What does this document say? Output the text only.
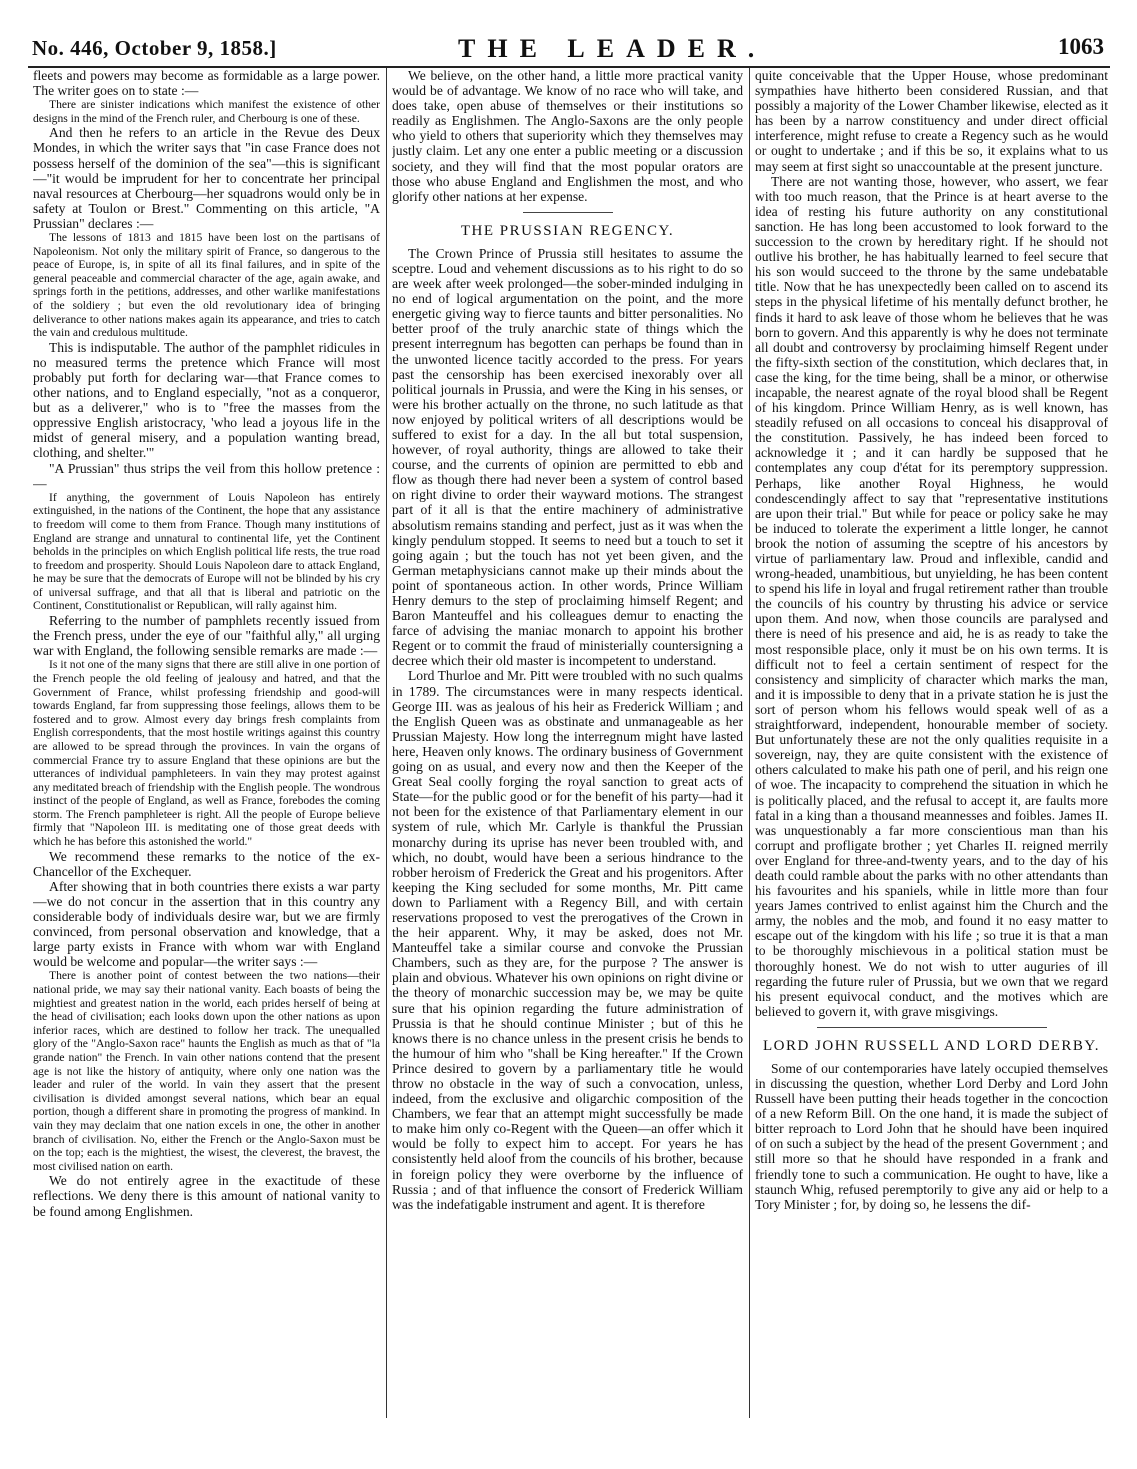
No. 446, October 9, 1858.]	THE LEADER.	1063

fleets and powers may become as formidable as a large power. The writer goes on to state :—

There are sinister indications which manifest the existence of other designs in the mind of the French ruler, and Cherbourg is one of these.

And then he refers to an article in the Revue des Deux Mondes, in which the writer says that "in case France does not possess herself of the dominion of the sea"—this is significant—"it would be imprudent for her to concentrate her principal naval resources at Cherbourg—her squadrons would only be in safety at Toulon or Brest." Commenting on this article, "A Prussian" declares :—

The lessons of 1813 and 1815 have been lost on the partisans of Napoleonism. Not only the military spirit of France, so dangerous to the peace of Europe, is, in spite of all its final failures, and in spite of the general peaceable and commercial character of the age, again awake, and springs forth in the petitions, addresses, and other warlike manifestations of the soldiery ; but even the old revolutionary idea of bringing deliverance to other nations makes again its appearance, and tries to catch the vain and credulous multitude.

This is indisputable. The author of the pamphlet ridicules in no measured terms the pretence which France will most probably put forth for declaring war—that France comes to other nations, and to England especially, "not as a conqueror, but as a deliverer," who is to "free the masses from the oppressive English aristocracy, 'who lead a joyous life in the midst of general misery, and a population wanting bread, clothing, and shelter.'"

"A Prussian" thus strips the veil from this hollow pretence :—

If anything, the government of Louis Napoleon has entirely extinguished, in the nations of the Continent, the hope that any assistance to freedom will come to them from France. Though many institutions of England are strange and unnatural to continental life, yet the Continent beholds in the principles on which English political life rests, the true road to freedom and prosperity. Should Louis Napoleon dare to attack England, he may be sure that the democrats of Europe will not be blinded by his cry of universal suffrage, and that all that is liberal and patriotic on the Continent, Constitutionalist or Republican, will rally against him.

Referring to the number of pamphlets recently issued from the French press, under the eye of our "faithful ally," all urging war with England, the following sensible remarks are made :—

Is it not one of the many signs that there are still alive in one portion of the French people the old feeling of jealousy and hatred, and that the Government of France, whilst professing friendship and good-will towards England, far from suppressing those feelings, allows them to be fostered and to grow. Almost every day brings fresh complaints from English correspondents, that the most hostile writings against this country are allowed to be spread through the provinces. In vain the organs of commercial France try to assure England that these opinions are but the utterances of individual pamphleteers. In vain they may protest against any meditated breach of friendship with the English people. The wondrous instinct of the people of England, as well as France, forebodes the coming storm. The French pamphleteer is right. All the people of Europe believe firmly that "Napoleon III. is meditating one of those great deeds with which he has before this astonished the world."

We recommend these remarks to the notice of the ex-Chancellor of the Exchequer.

After showing that in both countries there exists a war party—we do not concur in the assertion that in this country any considerable body of individuals desire war, but we are firmly convinced, from personal observation and knowledge, that a large party exists in France with whom war with England would be welcome and popular—the writer says :—

There is another point of contest between the two nations—their national pride, we may say their national vanity. Each boasts of being the mightiest and greatest nation in the world, each prides herself of being at the head of civilisation; each looks down upon the other nations as upon inferior races, which are destined to follow her track. The unequalled glory of the "Anglo-Saxon race" haunts the English as much as that of "la grande nation" the French. In vain other nations contend that the present age is not like the history of antiquity, where only one nation was the leader and ruler of the world. In vain they assert that the present civilisation is divided amongst several nations, which bear an equal portion, though a different share in promoting the progress of mankind. In vain they may declaim that one nation excels in one, the other in another branch of civilisation. No, either the French or the Anglo-Saxon must be on the top; each is the mightiest, the wisest, the cleverest, the bravest, the most civilised nation on earth.

We do not entirely agree in the exactitude of these reflections. We deny there is this amount of national vanity to be found among Englishmen.

We believe, on the other hand, a little more practical vanity would be of advantage. We know of no race who will take, and does take, open abuse of themselves or their institutions so readily as Englishmen. The Anglo-Saxons are the only people who yield to others that superiority which they themselves may justly claim. Let any one enter a public meeting or a discussion society, and they will find that the most popular orators are those who abuse England and Englishmen the most, and who glorify other nations at her expense.

THE PRUSSIAN REGENCY.

The Crown Prince of Prussia still hesitates to assume the sceptre. Loud and vehement discussions as to his right to do so are week after week prolonged—the sober-minded indulging in no end of logical argumentation on the point, and the more energetic giving way to fierce taunts and bitter personalities. No better proof of the truly anarchic state of things which the present interregnum has begotten can perhaps be found than in the unwonted licence tacitly accorded to the press. For years past the censorship has been exercised inexorably over all political journals in Prussia, and were the King in his senses, or were his brother actually on the throne, no such latitude as that now enjoyed by political writers of all descriptions would be suffered to exist for a day. In the all but total suspension, however, of royal authority, things are allowed to take their course, and the currents of opinion are permitted to ebb and flow as though there had never been a system of control based on right divine to order their wayward motions. The strangest part of it all is that the entire machinery of administrative absolutism remains standing and perfect, just as it was when the kingly pendulum stopped. It seems to need but a touch to set it going again ; but the touch has not yet been given, and the German metaphysicians cannot make up their minds about the point of spontaneous action. In other words, Prince William Henry demurs to the step of proclaiming himself Regent; and Baron Manteuffel and his colleagues demur to enacting the farce of advising the maniac monarch to appoint his brother Regent or to commit the fraud of ministerially countersigning a decree which their old master is incompetent to understand.

Lord Thurloe and Mr. Pitt were troubled with no such qualms in 1789. The circumstances were in many respects identical. George III. was as jealous of his heir as Frederick William ; and the English Queen was as obstinate and unmanageable as her Prussian Majesty. How long the interregnum might have lasted here, Heaven only knows. The ordinary business of Government going on as usual, and every now and then the Keeper of the Great Seal coolly forging the royal sanction to great acts of State—for the public good or for the benefit of his party—had it not been for the existence of that Parliamentary element in our system of rule, which Mr. Carlyle is thankful the Prussian monarchy during its uprise has never been troubled with, and which, no doubt, would have been a serious hindrance to the robber heroism of Frederick the Great and his progenitors. After keeping the King secluded for some months, Mr. Pitt came down to Parliament with a Regency Bill, and with certain reservations proposed to vest the prerogatives of the Crown in the heir apparent. Why, it may be asked, does not Mr. Manteuffel take a similar course and convoke the Prussian Chambers, such as they are, for the purpose ? The answer is plain and obvious. Whatever his own opinions on right divine or the theory of monarchic succession may be, we may be quite sure that his opinion regarding the future administration of Prussia is that he should continue Minister ; but of this he knows there is no chance unless in the present crisis he bends to the humour of him who "shall be King hereafter." If the Crown Prince desired to govern by a parliamentary title he would throw no obstacle in the way of such a convocation, unless, indeed, from the exclusive and oligarchic composition of the Chambers, we fear that an attempt might successfully be made to make him only co-Regent with the Queen—an offer which it would be folly to expect him to accept. For years he has consistently held aloof from the councils of his brother, because in foreign policy they were overborne by the influence of Russia ; and of that influence the consort of Frederick William was the indefatigable instrument and agent. It is therefore

quite conceivable that the Upper House, whose predominant sympathies have hitherto been considered Russian, and that possibly a majority of the Lower Chamber likewise, elected as it has been by a narrow constituency and under direct official interference, might refuse to create a Regency such as he would or ought to undertake ; and if this be so, it explains what to us may seem at first sight so unaccountable at the present juncture.

There are not wanting those, however, who assert, we fear with too much reason, that the Prince is at heart averse to the idea of resting his future authority on any constitutional sanction. He has long been accustomed to look forward to the succession to the crown by hereditary right. If he should not outlive his brother, he has habitually learned to feel secure that his son would succeed to the throne by the same undebatable title. Now that he has unexpectedly been called on to ascend its steps in the physical lifetime of his mentally defunct brother, he finds it hard to ask leave of those whom he believes that he was born to govern. And this apparently is why he does not terminate all doubt and controversy by proclaiming himself Regent under the fifty-sixth section of the constitution, which declares that, in case the king, for the time being, shall be a minor, or otherwise incapable, the nearest agnate of the royal blood shall be Regent of his kingdom. Prince William Henry, as is well known, has steadily refused on all occasions to conceal his disapproval of the constitution. Passively, he has indeed been forced to acknowledge it ; and it can hardly be supposed that he contemplates any coup d'état for its peremptory suppression. Perhaps, like another Royal Highness, he would condescendingly affect to say that "representative institutions are upon their trial." But while for peace or policy sake he may be induced to tolerate the experiment a little longer, he cannot brook the notion of assuming the sceptre of his ancestors by virtue of parliamentary law. Proud and inflexible, candid and wrong-headed, unambitious, but unyielding, he has been content to spend his life in loyal and frugal retirement rather than trouble the councils of his country by thrusting his advice or service upon them. And now, when those councils are paralysed and there is need of his presence and aid, he is as ready to take the most responsible place, only it must be on his own terms. It is difficult not to feel a certain sentiment of respect for the consistency and simplicity of character which marks the man, and it is impossible to deny that in a private station he is just the sort of person whom his fellows would speak well of as a straightforward, independent, honourable member of society. But unfortunately these are not the only qualities requisite in a sovereign, nay, they are quite consistent with the existence of others calculated to make his path one of peril, and his reign one of woe. The incapacity to comprehend the situation in which he is politically placed, and the refusal to accept it, are faults more fatal in a king than a thousand meannesses and foibles. James II. was unquestionably a far more conscientious man than his corrupt and profligate brother ; yet Charles II. reigned merrily over England for three-and-twenty years, and to the day of his death could ramble about the parks with no other attendants than his favourites and his spaniels, while in little more than four years James contrived to enlist against him the Church and the army, the nobles and the mob, and found it no easy matter to escape out of the kingdom with his life ; so true it is that a man to be thoroughly mischievous in a political station must be thoroughly honest. We do not wish to utter auguries of ill regarding the future ruler of Prussia, but we own that we regard his present equivocal conduct, and the motives which are believed to govern it, with grave misgivings.

LORD JOHN RUSSELL AND LORD DERBY.

Some of our contemporaries have lately occupied themselves in discussing the question, whether Lord Derby and Lord John Russell have been putting their heads together in the concoction of a new Reform Bill. On the one hand, it is made the subject of bitter reproach to Lord John that he should have been inquired of on such a subject by the head of the present Government ; and still more so that he should have responded in a frank and friendly tone to such a communication. He ought to have, like a staunch Whig, refused peremptorily to give any aid or help to a Tory Minister ; for, by doing so, he lessens the dif-
